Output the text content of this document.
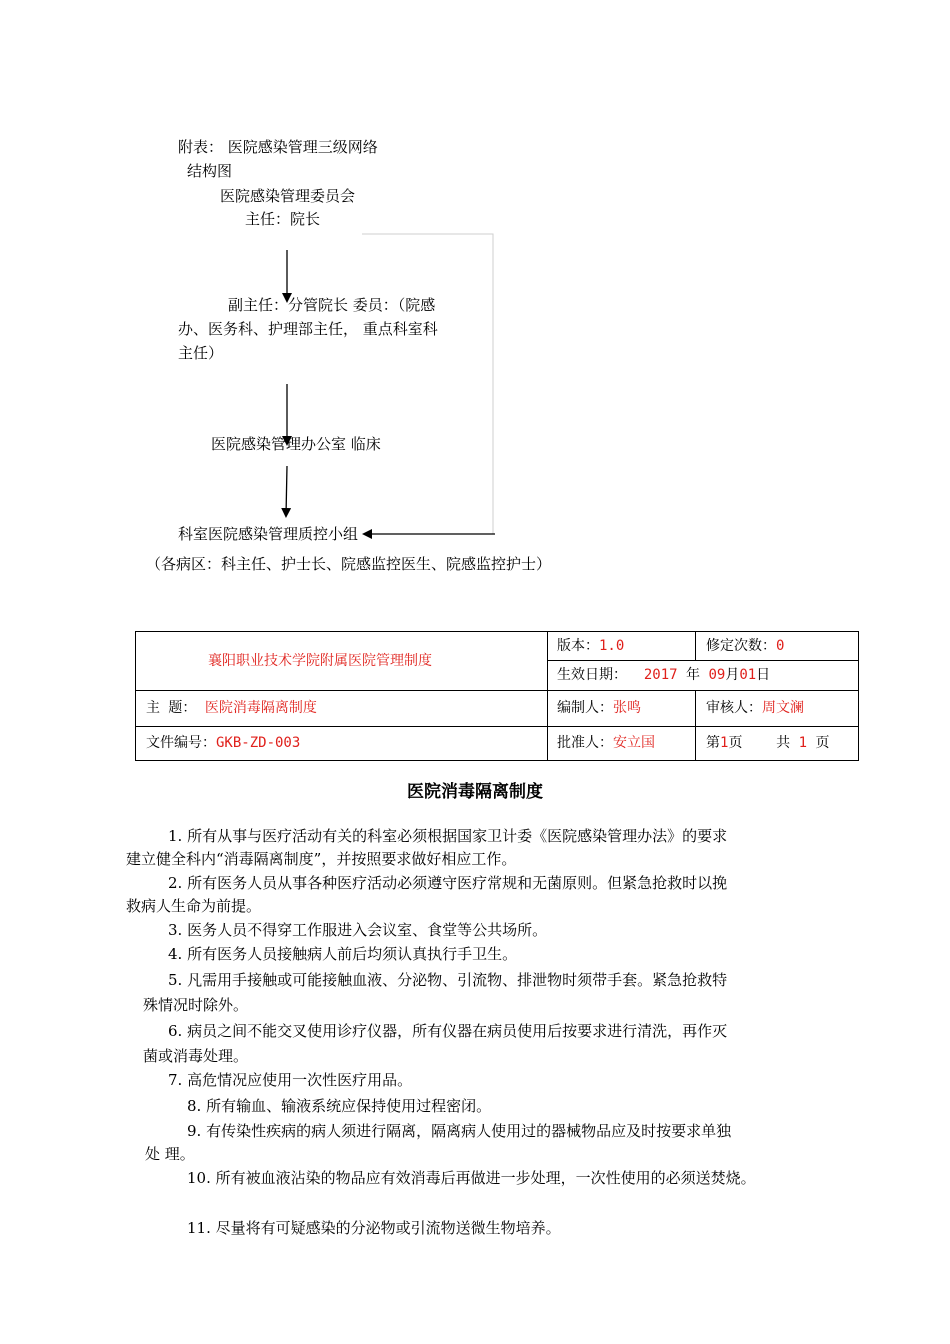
附表： 医院感染管理三级网络
结构图
医院感染管理委员会
主任：院长
副主任：分管院长 委员：（院感
办、医务科、护理部主任， 重点科室科
主任）
医院感染管理办公室 临床
科室医院感染管理质控小组
（各病区：科主任、护士长、院感监控医生、院感监控护士）
襄阳职业技术学院附属医院管理制度
版本：1.0	修定次数：0
生效日期： 2017 年 09月01日
主 题： 医院消毒隔离制度	编制人：张鸣	审核人：周文澜
文件编号：GKB-ZD-003	批准人：安立国	第1页 共 1 页
医院消毒隔离制度
1. 所有从事与医疗活动有关的科室必须根据国家卫计委《医院感染管理办法》的要求
建立健全科内“消毒隔离制度”，并按照要求做好相应工作。
2. 所有医务人员从事各种医疗活动必须遵守医疗常规和无菌原则。但紧急抢救时以挽
救病人生命为前提。
3. 医务人员不得穿工作服进入会议室、食堂等公共场所。
4. 所有医务人员接触病人前后均须认真执行手卫生。
5. 凡需用手接触或可能接触血液、分泌物、引流物、排泄物时须带手套。紧急抢救特
殊情况时除外。
6. 病员之间不能交叉使用诊疗仪器，所有仪器在病员使用后按要求进行清洗，再作灭
菌或消毒处理。
7. 高危情况应使用一次性医疗用品。
8. 所有输血、输液系统应保持使用过程密闭。
9. 有传染性疾病的病人须进行隔离，隔离病人使用过的器械物品应及时按要求单独
处 理。
10. 所有被血液沾染的物品应有效消毒后再做进一步处理，一次性使用的必须送焚烧。
11. 尽量将有可疑感染的分泌物或引流物送微生物培养。
